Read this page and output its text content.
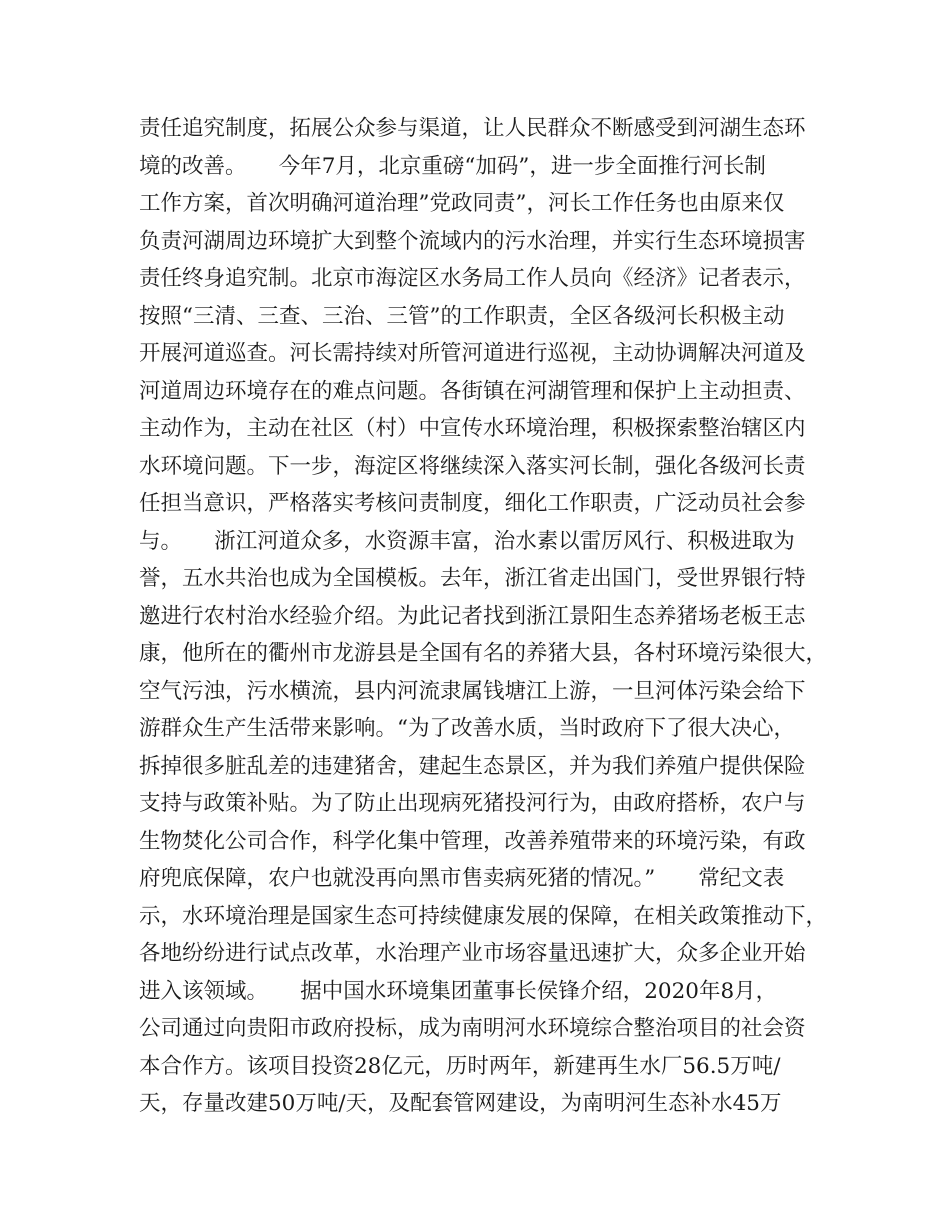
责任追究制度，拓展公众参与渠道，让人民群众不断感受到河湖生态环
境的改善。　　今年7月，北京重磅“加码”，进一步全面推行河长制
工作方案，首次明确河道治理”党政同责”，河长工作任务也由原来仅
负责河湖周边环境扩大到整个流域内的污水治理，并实行生态环境损害
责任终身追究制。北京市海淀区水务局工作人员向《经济》记者表示，
按照“三清、三查、三治、三管”的工作职责，全区各级河长积极主动
开展河道巡查。河长需持续对所管河道进行巡视，主动协调解决河道及
河道周边环境存在的难点问题。各街镇在河湖管理和保护上主动担责、
主动作为，主动在社区（村）中宣传水环境治理，积极探索整治辖区内
水环境问题。下一步，海淀区将继续深入落实河长制，强化各级河长责
任担当意识，严格落实考核问责制度，细化工作职责，广泛动员社会参
与。　　浙江河道众多，水资源丰富，治水素以雷厉风行、积极进取为
誉，五水共治也成为全国模板。去年，浙江省走出国门，受世界银行特
邀进行农村治水经验介绍。为此记者找到浙江景阳生态养猪场老板王志
康，他所在的衢州市龙游县是全国有名的养猪大县，各村环境污染很大，
空气污浊，污水横流，县内河流隶属钱塘江上游，一旦河体污染会给下
游群众生产生活带来影响。“为了改善水质，当时政府下了很大决心，
拆掉很多脏乱差的违建猪舍，建起生态景区，并为我们养殖户提供保险
支持与政策补贴。为了防止出现病死猪投河行为，由政府搭桥，农户与
生物焚化公司合作，科学化集中管理，改善养殖带来的环境污染，有政
府兜底保障，农户也就没再向黑市售卖病死猪的情况。”　　常纪文表
示，水环境治理是国家生态可持续健康发展的保障，在相关政策推动下，
各地纷纷进行试点改革，水治理产业市场容量迅速扩大，众多企业开始
进入该领域。　　据中国水环境集团董事长侯锋介绍，2020年8月，
公司通过向贵阳市政府投标，成为南明河水环境综合整治项目的社会资
本合作方。该项目投资28亿元，历时两年，新建再生水厂56.5万吨/
天，存量改建50万吨/天，及配套管网建设，为南明河生态补水45万
